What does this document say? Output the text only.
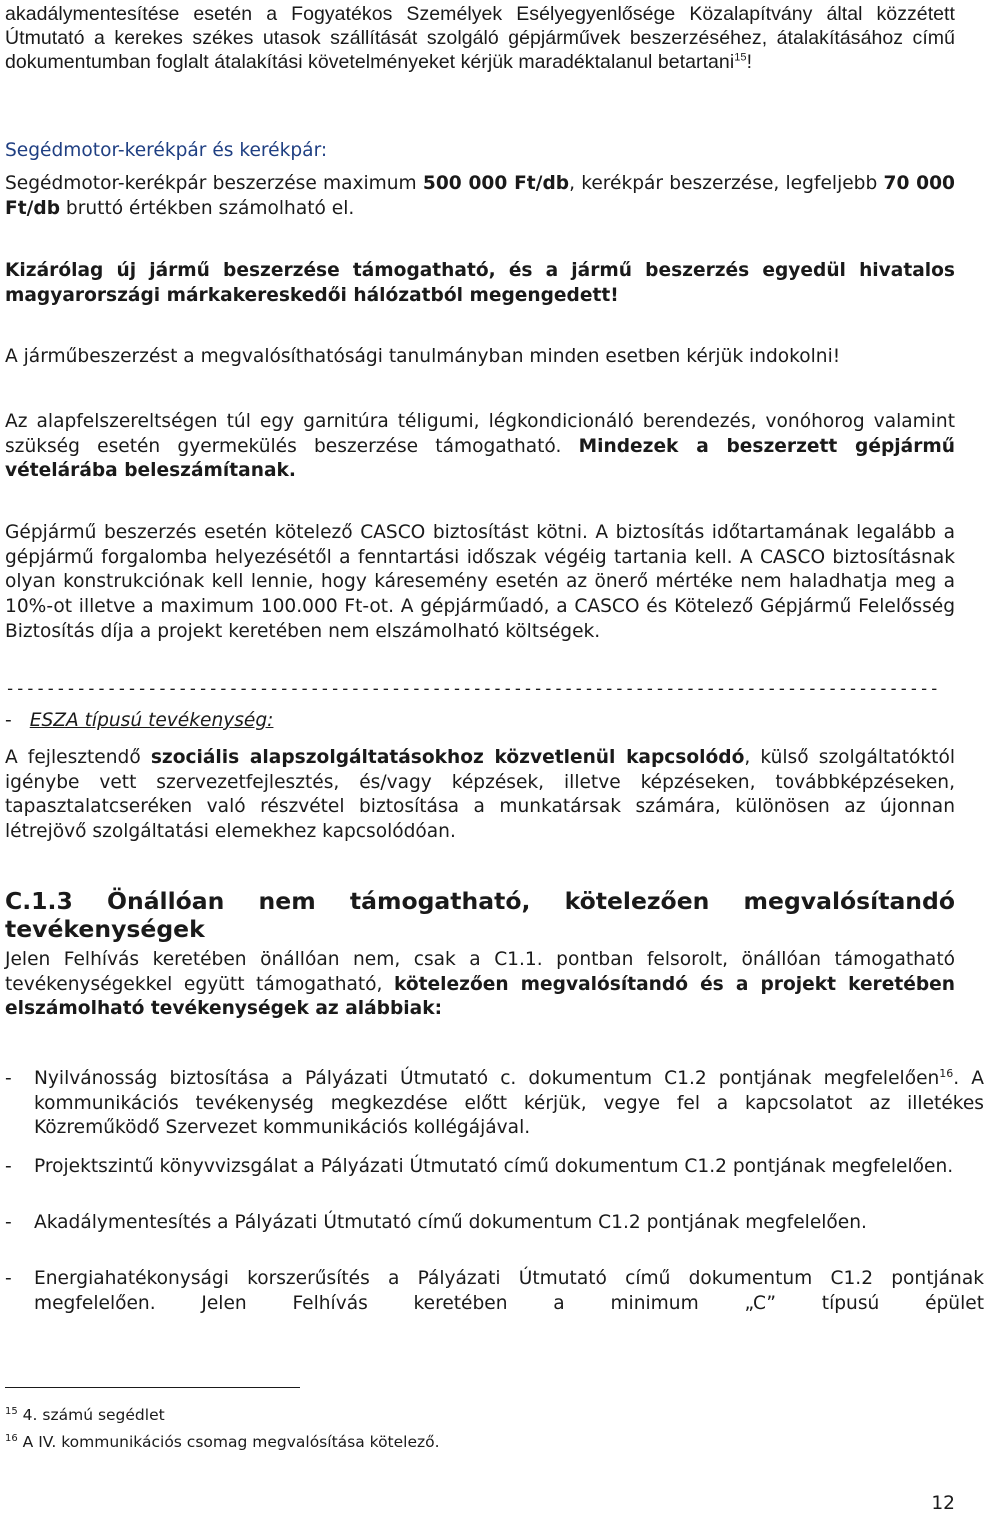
akadálymentesítése esetén a Fogyatékos Személyek Esélyegyenlősége Közalapítvány által közzétett Útmutató a kerekes székes utasok szállítását szolgáló gépjárművek beszerzéséhez, átalakításához című dokumentumban foglalt átalakítási követelményeket kérjük maradéktalanul betartani$^{15}$!

Segédmotor-kerékpár és kerékpár:

Segédmotor-kerékpár beszerzése maximum 500 000 Ft/db, kerékpár beszerzése, legfeljebb 70 000 Ft/db bruttó értékben számolható el.

Kizárólag új jármű beszerzése támogatható, és a jármű beszerzés egyedül hivatalos magyarországi márkakereskedői hálózatból megengedett!

A járműbeszerzést a megvalósíthatósági tanulmányban minden esetben kérjük indokolni!

Az alapfelszereltségen túl egy garnitúra téligumi, légkondicionáló berendezés, vonóhorog valamint szükség esetén gyermekülés beszerzése támogatható. Mindezek a beszerzett gépjármű vételárába beleszámítanak.

Gépjármű beszerzés esetén kötelező CASCO biztosítást kötni. A biztosítás időtartamának legalább a gépjármű forgalomba helyezésétől a fenntartási időszak végéig tartania kell. A CASCO biztosításnak olyan konstrukciónak kell lennie, hogy káresemény esetén az önerő mértéke nem haladhatja meg a 10%-ot illetve a maximum 100.000 Ft-ot. A gépjárműadó, a CASCO és Kötelező Gépjármű Felelősség Biztosítás díja a projekt keretében nem elszámolható költségek.

--------------------------------------------------------------------------------------------

- ESZA típusú tevékenység:

A fejlesztendő szociális alapszolgáltatásokhoz közvetlenül kapcsolódó, külső szolgáltatóktól igénybe vett szervezetfejlesztés, és/vagy képzések, illetve képzéseken, továbbképzéseken, tapasztalatcseréken való részvétel biztosítása a munkatársak számára, különösen az újonnan létrejövő szolgáltatási elemekhez kapcsolódóan.

C.1.3 Önállóan nem támogatható, kötelezően megvalósítandó tevékenységek

Jelen Felhívás keretében önállóan nem, csak a C1.1. pontban felsorolt, önállóan támogatható tevékenységekkel együtt támogatható, kötelezően megvalósítandó és a projekt keretében elszámolható tevékenységek az alábbiak:

- Nyilvánosság biztosítása a Pályázati Útmutató c. dokumentum C1.2 pontjának megfelelően$^{16}$. A kommunikációs tevékenység megkezdése előtt kérjük, vegye fel a kapcsolatot az illetékes Közreműködő Szervezet kommunikációs kollégájával.

- Projektszintű könyvvizsgálat a Pályázati Útmutató című dokumentum C1.2 pontjának megfelelően.

- Akadálymentesítés a Pályázati Útmutató című dokumentum C1.2 pontjának megfelelően.

- Energiahatékonysági korszerűsítés a Pályázati Útmutató című dokumentum C1.2 pontjának megfelelően. Jelen Felhívás keretében a minimum „C” típusú épület

$^{15}$ 4. számú segédlet
$^{16}$ A IV. kommunikációs csomag megvalósítása kötelező.
12
